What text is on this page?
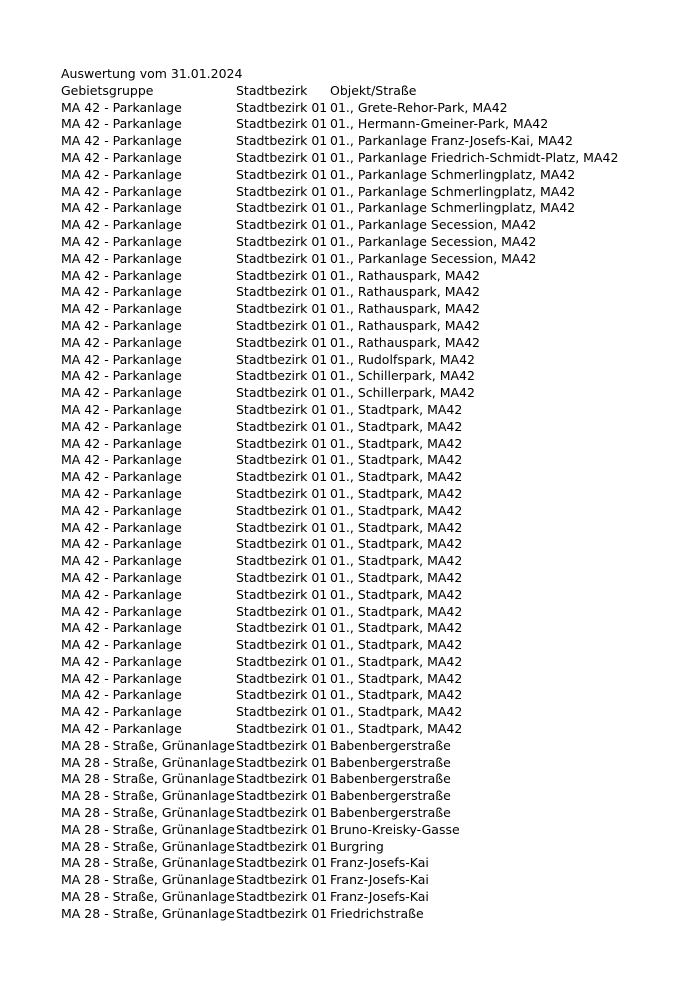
Auswertung vom 31.01.2024
Gebietsgruppe	Stadtbezirk	Objekt/Straße
MA 42 - Parkanlage	Stadtbezirk 01	01., Grete-Rehor-Park, MA42
MA 42 - Parkanlage	Stadtbezirk 01	01., Hermann-Gmeiner-Park, MA42
MA 42 - Parkanlage	Stadtbezirk 01	01., Parkanlage Franz-Josefs-Kai, MA42
MA 42 - Parkanlage	Stadtbezirk 01	01., Parkanlage Friedrich-Schmidt-Platz, MA42
MA 42 - Parkanlage	Stadtbezirk 01	01., Parkanlage Schmerlingplatz, MA42
MA 42 - Parkanlage	Stadtbezirk 01	01., Parkanlage Schmerlingplatz, MA42
MA 42 - Parkanlage	Stadtbezirk 01	01., Parkanlage Schmerlingplatz, MA42
MA 42 - Parkanlage	Stadtbezirk 01	01., Parkanlage Secession, MA42
MA 42 - Parkanlage	Stadtbezirk 01	01., Parkanlage Secession, MA42
MA 42 - Parkanlage	Stadtbezirk 01	01., Parkanlage Secession, MA42
MA 42 - Parkanlage	Stadtbezirk 01	01., Rathauspark, MA42
MA 42 - Parkanlage	Stadtbezirk 01	01., Rathauspark, MA42
MA 42 - Parkanlage	Stadtbezirk 01	01., Rathauspark, MA42
MA 42 - Parkanlage	Stadtbezirk 01	01., Rathauspark, MA42
MA 42 - Parkanlage	Stadtbezirk 01	01., Rathauspark, MA42
MA 42 - Parkanlage	Stadtbezirk 01	01., Rudolfspark, MA42
MA 42 - Parkanlage	Stadtbezirk 01	01., Schillerpark, MA42
MA 42 - Parkanlage	Stadtbezirk 01	01., Schillerpark, MA42
MA 42 - Parkanlage	Stadtbezirk 01	01., Stadtpark, MA42
MA 42 - Parkanlage	Stadtbezirk 01	01., Stadtpark, MA42
MA 42 - Parkanlage	Stadtbezirk 01	01., Stadtpark, MA42
MA 42 - Parkanlage	Stadtbezirk 01	01., Stadtpark, MA42
MA 42 - Parkanlage	Stadtbezirk 01	01., Stadtpark, MA42
MA 42 - Parkanlage	Stadtbezirk 01	01., Stadtpark, MA42
MA 42 - Parkanlage	Stadtbezirk 01	01., Stadtpark, MA42
MA 42 - Parkanlage	Stadtbezirk 01	01., Stadtpark, MA42
MA 42 - Parkanlage	Stadtbezirk 01	01., Stadtpark, MA42
MA 42 - Parkanlage	Stadtbezirk 01	01., Stadtpark, MA42
MA 42 - Parkanlage	Stadtbezirk 01	01., Stadtpark, MA42
MA 42 - Parkanlage	Stadtbezirk 01	01., Stadtpark, MA42
MA 42 - Parkanlage	Stadtbezirk 01	01., Stadtpark, MA42
MA 42 - Parkanlage	Stadtbezirk 01	01., Stadtpark, MA42
MA 42 - Parkanlage	Stadtbezirk 01	01., Stadtpark, MA42
MA 42 - Parkanlage	Stadtbezirk 01	01., Stadtpark, MA42
MA 42 - Parkanlage	Stadtbezirk 01	01., Stadtpark, MA42
MA 42 - Parkanlage	Stadtbezirk 01	01., Stadtpark, MA42
MA 42 - Parkanlage	Stadtbezirk 01	01., Stadtpark, MA42
MA 42 - Parkanlage	Stadtbezirk 01	01., Stadtpark, MA42
MA 28 - Straße, Grünanlage	Stadtbezirk 01	Babenbergerstraße
MA 28 - Straße, Grünanlage	Stadtbezirk 01	Babenbergerstraße
MA 28 - Straße, Grünanlage	Stadtbezirk 01	Babenbergerstraße
MA 28 - Straße, Grünanlage	Stadtbezirk 01	Babenbergerstraße
MA 28 - Straße, Grünanlage	Stadtbezirk 01	Babenbergerstraße
MA 28 - Straße, Grünanlage	Stadtbezirk 01	Bruno-Kreisky-Gasse
MA 28 - Straße, Grünanlage	Stadtbezirk 01	Burgring
MA 28 - Straße, Grünanlage	Stadtbezirk 01	Franz-Josefs-Kai
MA 28 - Straße, Grünanlage	Stadtbezirk 01	Franz-Josefs-Kai
MA 28 - Straße, Grünanlage	Stadtbezirk 01	Franz-Josefs-Kai
MA 28 - Straße, Grünanlage	Stadtbezirk 01	Friedrichstraße
